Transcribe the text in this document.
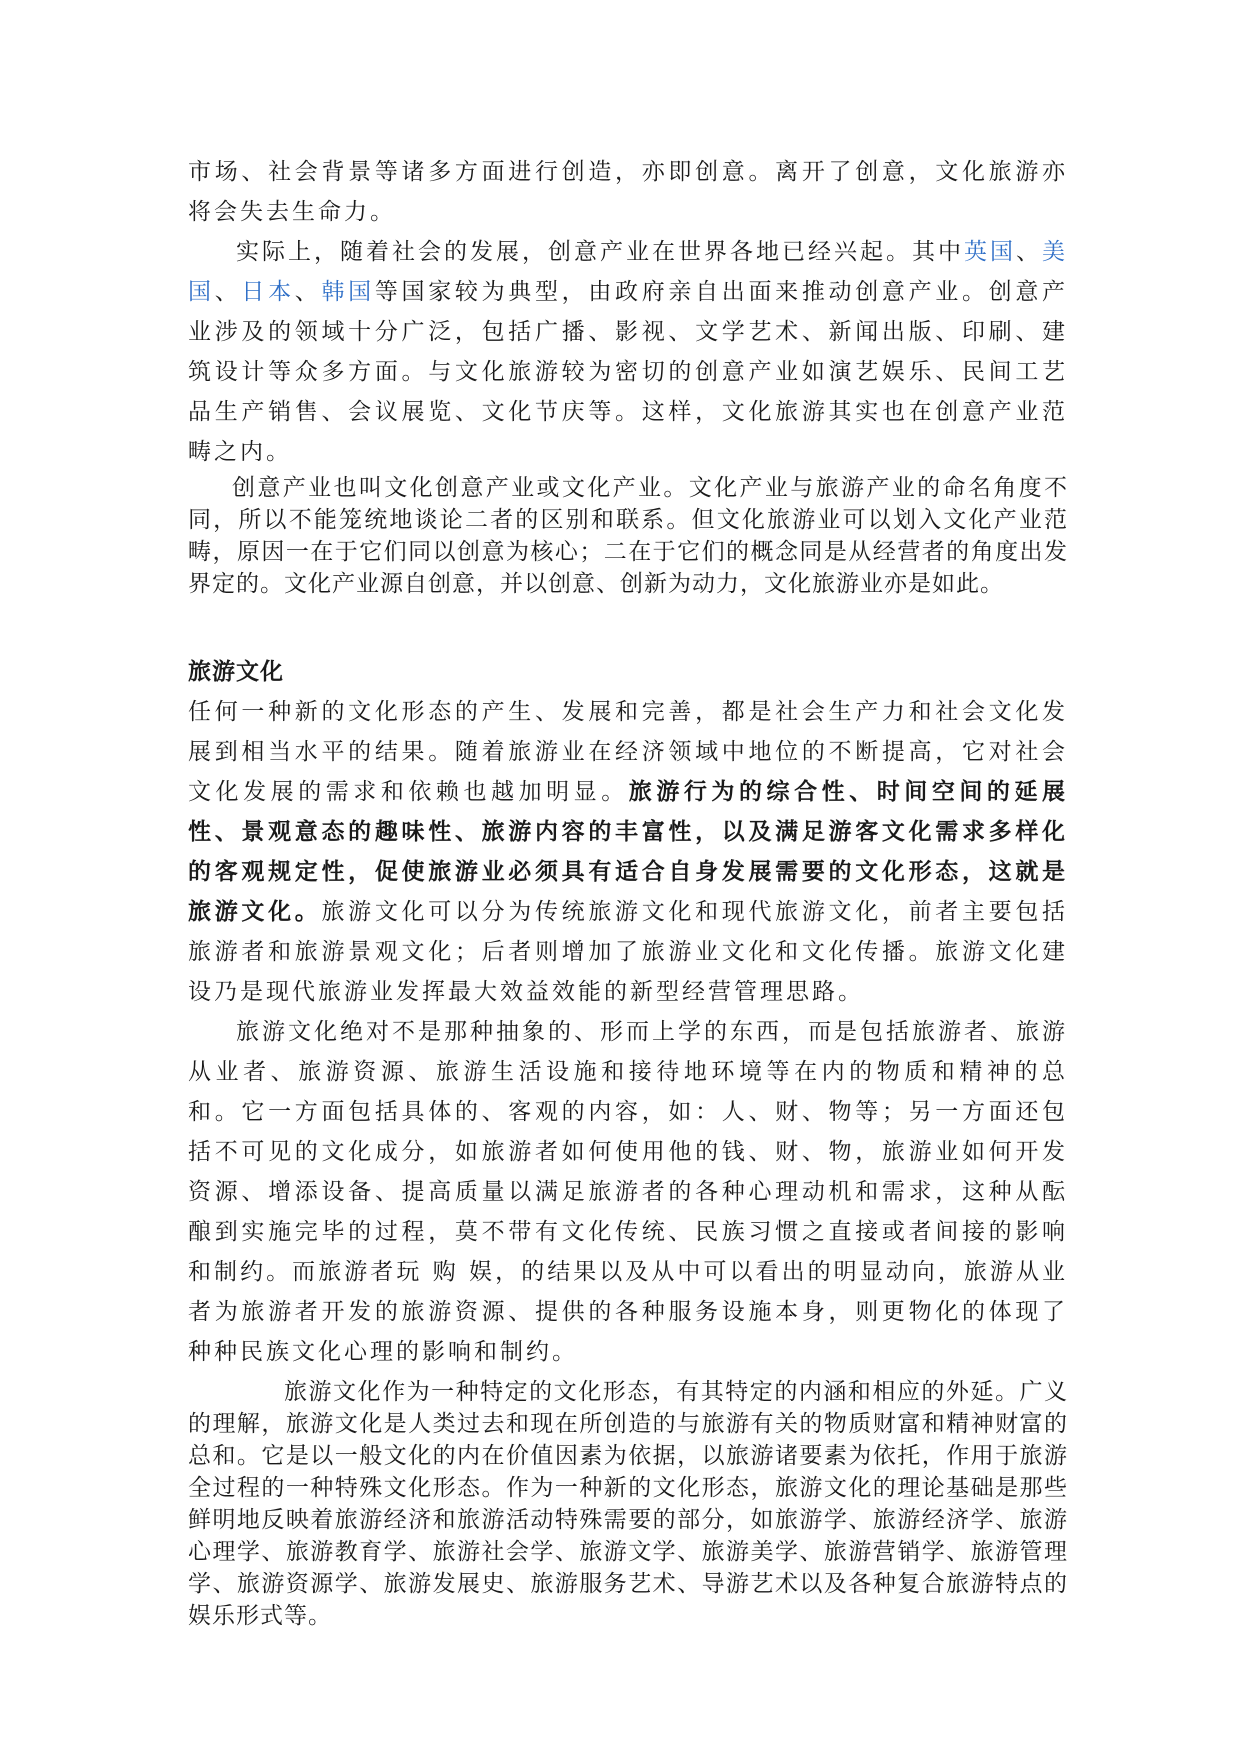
市场、社会背景等诸多方面进行创造，亦即创意。离开了创意，文化旅游亦将会失去生命力。

实际上，随着社会的发展，创意产业在世界各地已经兴起。其中英国、美国、日本、韩国等国家较为典型，由政府亲自出面来推动创意产业。创意产业涉及的领域十分广泛，包括广播、影视、文学艺术、新闻出版、印刷、建筑设计等众多方面。与文化旅游较为密切的创意产业如演艺娱乐、民间工艺品生产销售、会议展览、文化节庆等。这样，文化旅游其实也在创意产业范畴之内。

创意产业也叫文化创意产业或文化产业。文化产业与旅游产业的命名角度不同，所以不能笼统地谈论二者的区别和联系。但文化旅游业可以划入文化产业范畴，原因一在于它们同以创意为核心；二在于它们的概念同是从经营者的角度出发界定的。文化产业源自创意，并以创意、创新为动力，文化旅游业亦是如此。

旅游文化

任何一种新的文化形态的产生、发展和完善，都是社会生产力和社会文化发展到相当水平的结果。随着旅游业在经济领域中地位的不断提高，它对社会文化发展的需求和依赖也越加明显。旅游行为的综合性、时间空间的延展性、景观意态的趣味性、旅游内容的丰富性，以及满足游客文化需求多样化的客观规定性，促使旅游业必须具有适合自身发展需要的文化形态，这就是旅游文化。旅游文化可以分为传统旅游文化和现代旅游文化，前者主要包括旅游者和旅游景观文化；后者则增加了旅游业文化和文化传播。旅游文化建设乃是现代旅游业发挥最大效益效能的新型经营管理思路。

旅游文化绝对不是那种抽象的、形而上学的东西，而是包括旅游者、旅游从业者、旅游资源、旅游生活设施和接待地环境等在内的物质和精神的总和。它一方面包括具体的、客观的内容，如：人、财、物等；另一方面还包括不可见的文化成分，如旅游者如何使用他的钱、财、物，旅游业如何开发资源、增添设备、提高质量以满足旅游者的各种心理动机和需求，这种从酝酿到实施完毕的过程，莫不带有文化传统、民族习惯之直接或者间接的影响和制约。而旅游者玩 购 娱，的结果以及从中可以看出的明显动向，旅游从业者为旅游者开发的旅游资源、提供的各种服务设施本身，则更物化的体现了种种民族文化心理的影响和制约。

旅游文化作为一种特定的文化形态，有其特定的内涵和相应的外延。广义的理解，旅游文化是人类过去和现在所创造的与旅游有关的物质财富和精神财富的总和。它是以一般文化的内在价值因素为依据，以旅游诸要素为依托，作用于旅游全过程的一种特殊文化形态。作为一种新的文化形态，旅游文化的理论基础是那些鲜明地反映着旅游经济和旅游活动特殊需要的部分，如旅游学、旅游经济学、旅游心理学、旅游教育学、旅游社会学、旅游文学、旅游美学、旅游营销学、旅游管理学、旅游资源学、旅游发展史、旅游服务艺术、导游艺术以及各种复合旅游特点的娱乐形式等。
